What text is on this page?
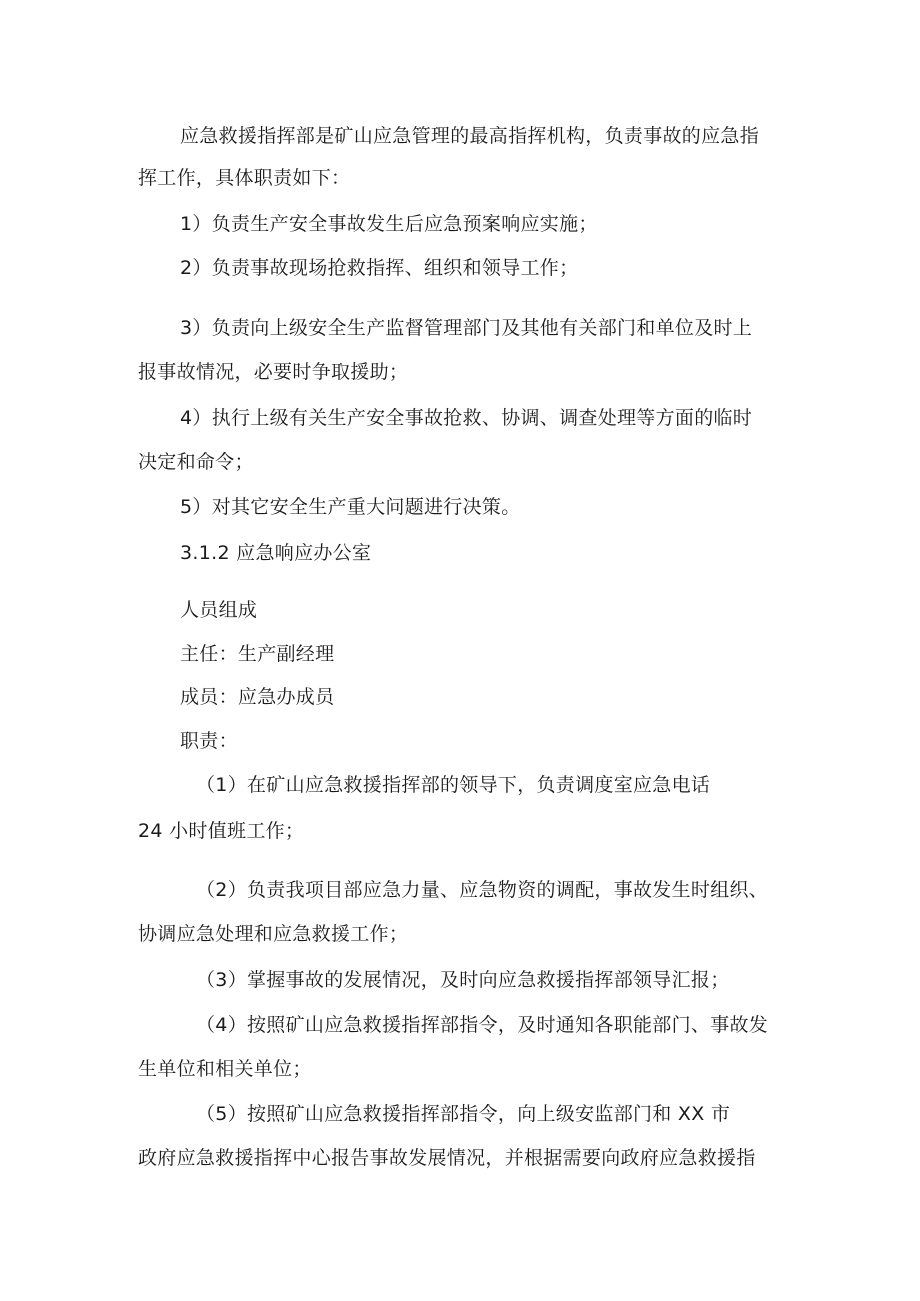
应急救援指挥部是矿山应急管理的最高指挥机构，负责事故的应急指
挥工作，具体职责如下：
1）负责生产安全事故发生后应急预案响应实施；
2）负责事故现场抢救指挥、组织和领导工作；
3）负责向上级安全生产监督管理部门及其他有关部门和单位及时上
报事故情况，必要时争取援助；
4）执行上级有关生产安全事故抢救、协调、调查处理等方面的临时
决定和命令；
5）对其它安全生产重大问题进行决策。
3.1.2 应急响应办公室
人员组成
主任：生产副经理
成员：应急办成员
职责：
（1）在矿山应急救援指挥部的领导下，负责调度室应急电话
24 小时值班工作；
（2）负责我项目部应急力量、应急物资的调配，事故发生时组织、
协调应急处理和应急救援工作；
（3）掌握事故的发展情况，及时向应急救援指挥部领导汇报；
（4）按照矿山应急救援指挥部指令，及时通知各职能部门、事故发
生单位和相关单位；
（5）按照矿山应急救援指挥部指令，向上级安监部门和 XX 市
政府应急救援指挥中心报告事故发展情况，并根据需要向政府应急救援指
